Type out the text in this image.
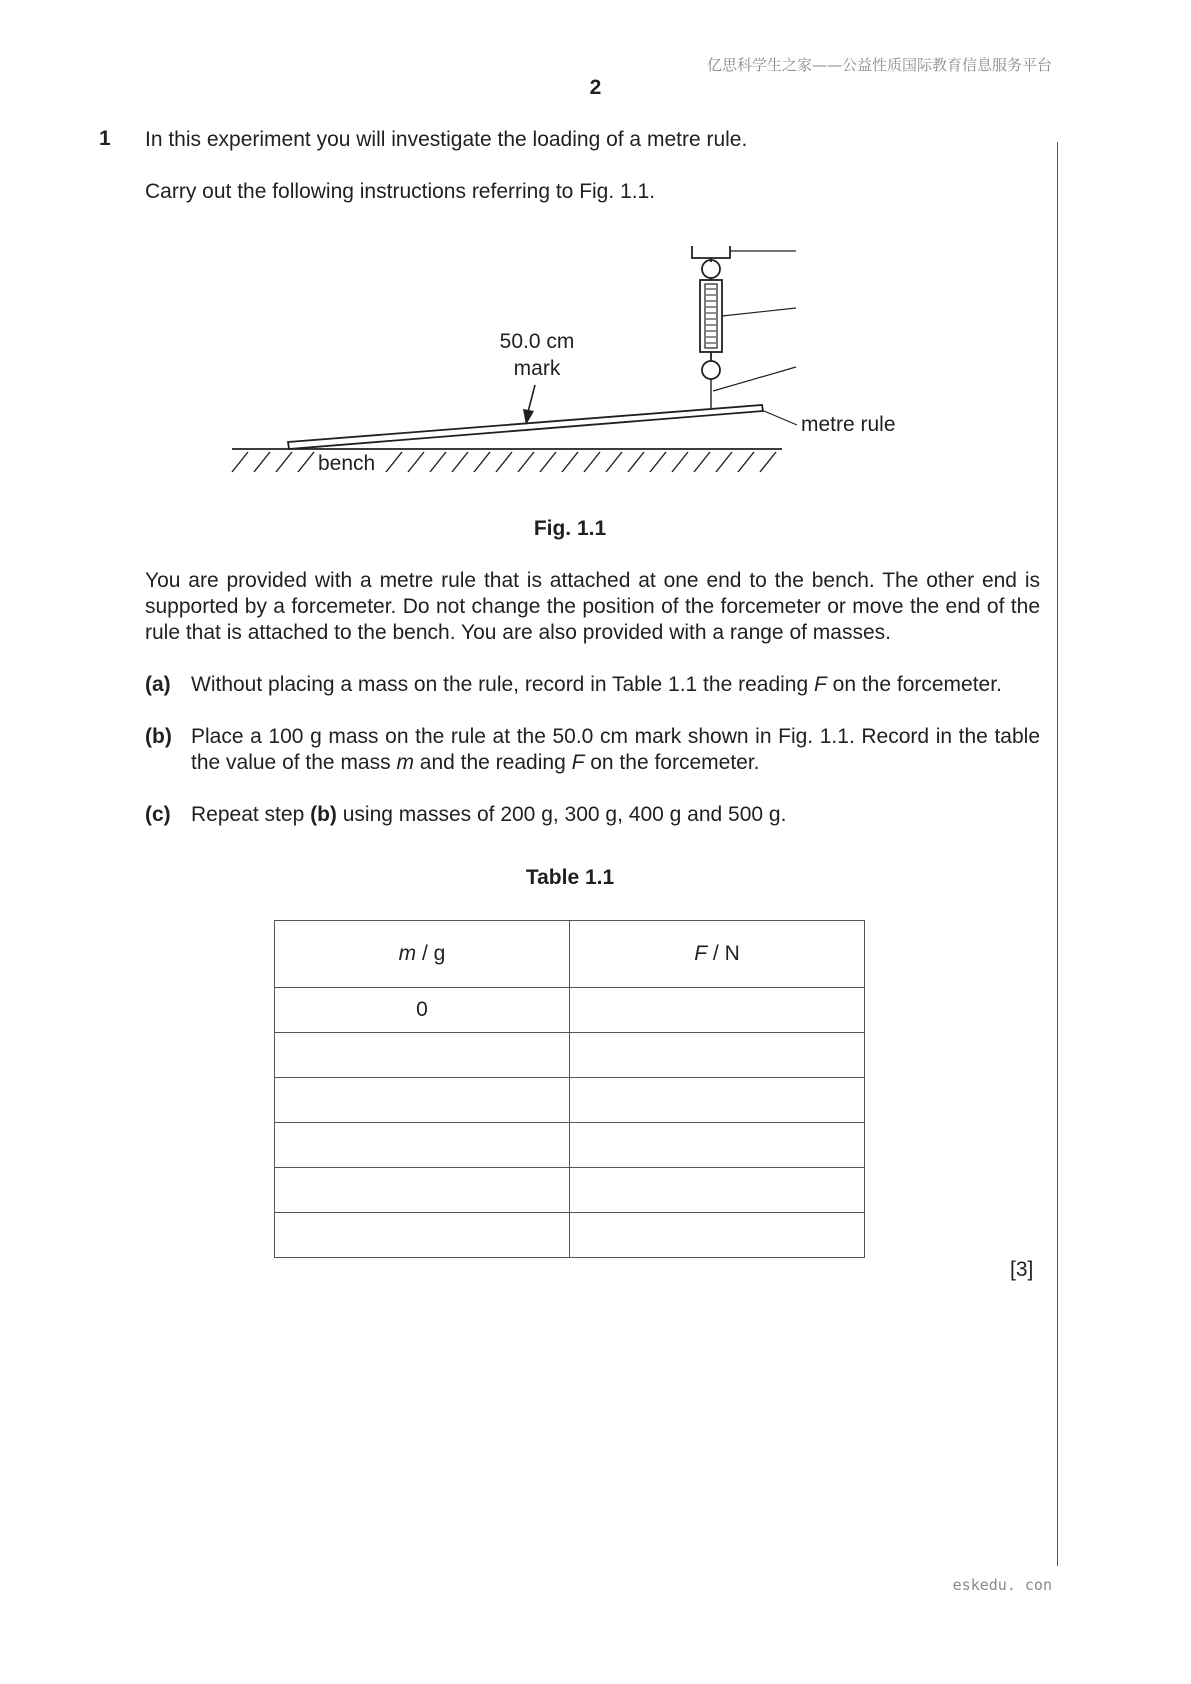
亿思科学生之家——公益性质国际教育信息服务平台
2
1 In this experiment you will investigate the loading of a metre rule.
Carry out the following instructions referring to Fig. 1.1.
50.0 cm
mark
metre rule
bench
Fig. 1.1
You are provided with a metre rule that is attached at one end to the bench. The other end is supported by a forcemeter. Do not change the position of the forcemeter or move the end of the rule that is attached to the bench. You are also provided with a range of masses.
(a) Without placing a mass on the rule, record in Table 1.1 the reading F on the forcemeter.
(b) Place a 100 g mass on the rule at the 50.0 cm mark shown in Fig. 1.1. Record in the table the value of the mass m and the reading F on the forcemeter.
(c) Repeat step (b) using masses of 200 g, 300 g, 400 g and 500 g.
Table 1.1
m / g	F / N
0	

[3]
eskedu. con
